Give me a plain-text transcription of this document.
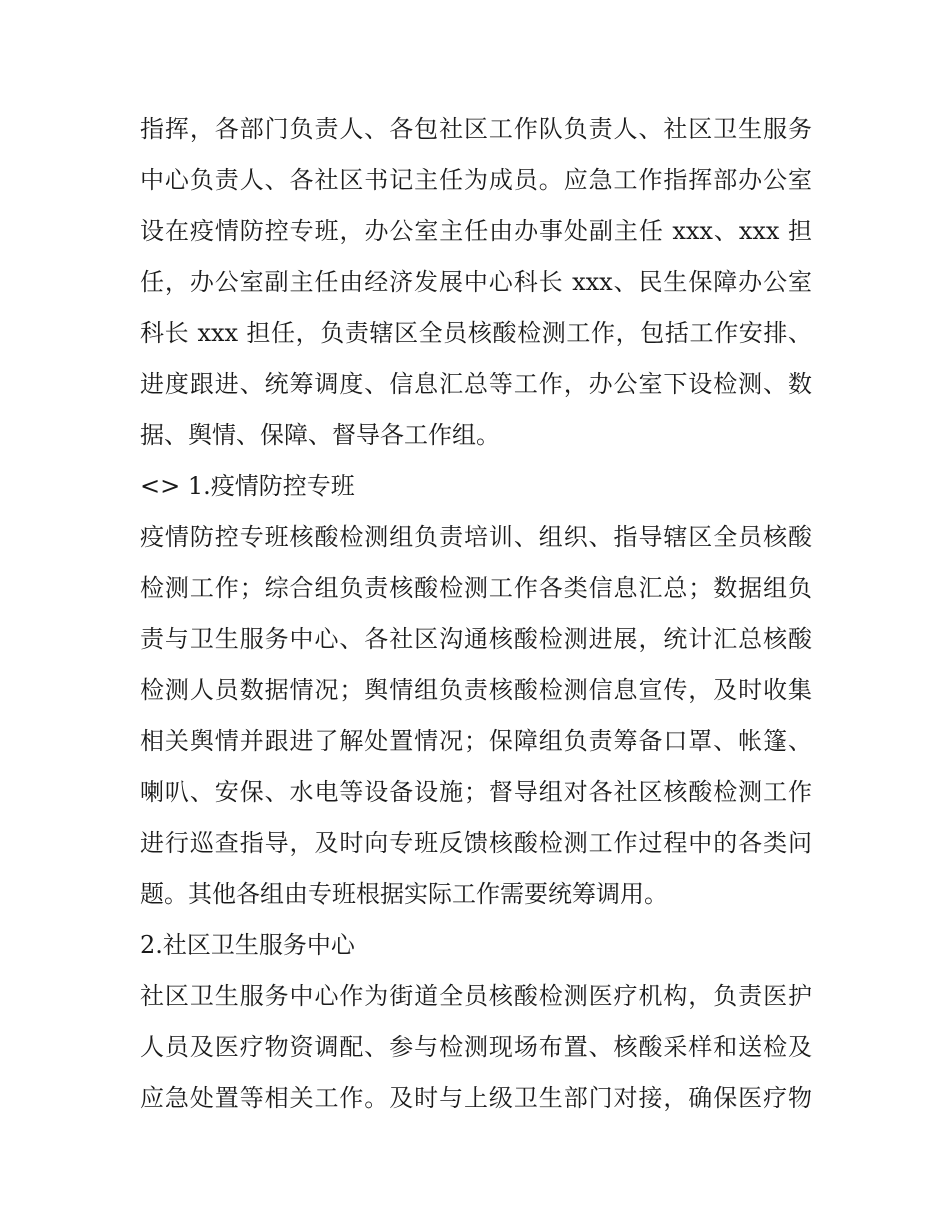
指挥，各部门负责人、各包社区工作队负责人、社区卫生服务
中心负责人、各社区书记主任为成员。应急工作指挥部办公室
设在疫情防控专班，办公室主任由办事处副主任 xxx、xxx 担
任，办公室副主任由经济发展中心科长 xxx、民生保障办公室
科长 xxx 担任，负责辖区全员核酸检测工作，包括工作安排、
进度跟进、统筹调度、信息汇总等工作，办公室下设检测、数
据、舆情、保障、督导各工作组。
<> 1.疫情防控专班
疫情防控专班核酸检测组负责培训、组织、指导辖区全员核酸
检测工作；综合组负责核酸检测工作各类信息汇总；数据组负
责与卫生服务中心、各社区沟通核酸检测进展，统计汇总核酸
检测人员数据情况；舆情组负责核酸检测信息宣传，及时收集
相关舆情并跟进了解处置情况；保障组负责筹备口罩、帐篷、
喇叭、安保、水电等设备设施；督导组对各社区核酸检测工作
进行巡查指导，及时向专班反馈核酸检测工作过程中的各类问
题。其他各组由专班根据实际工作需要统筹调用。
2.社区卫生服务中心
社区卫生服务中心作为街道全员核酸检测医疗机构，负责医护
人员及医疗物资调配、参与检测现场布置、核酸采样和送检及
应急处置等相关工作。及时与上级卫生部门对接，确保医疗物
